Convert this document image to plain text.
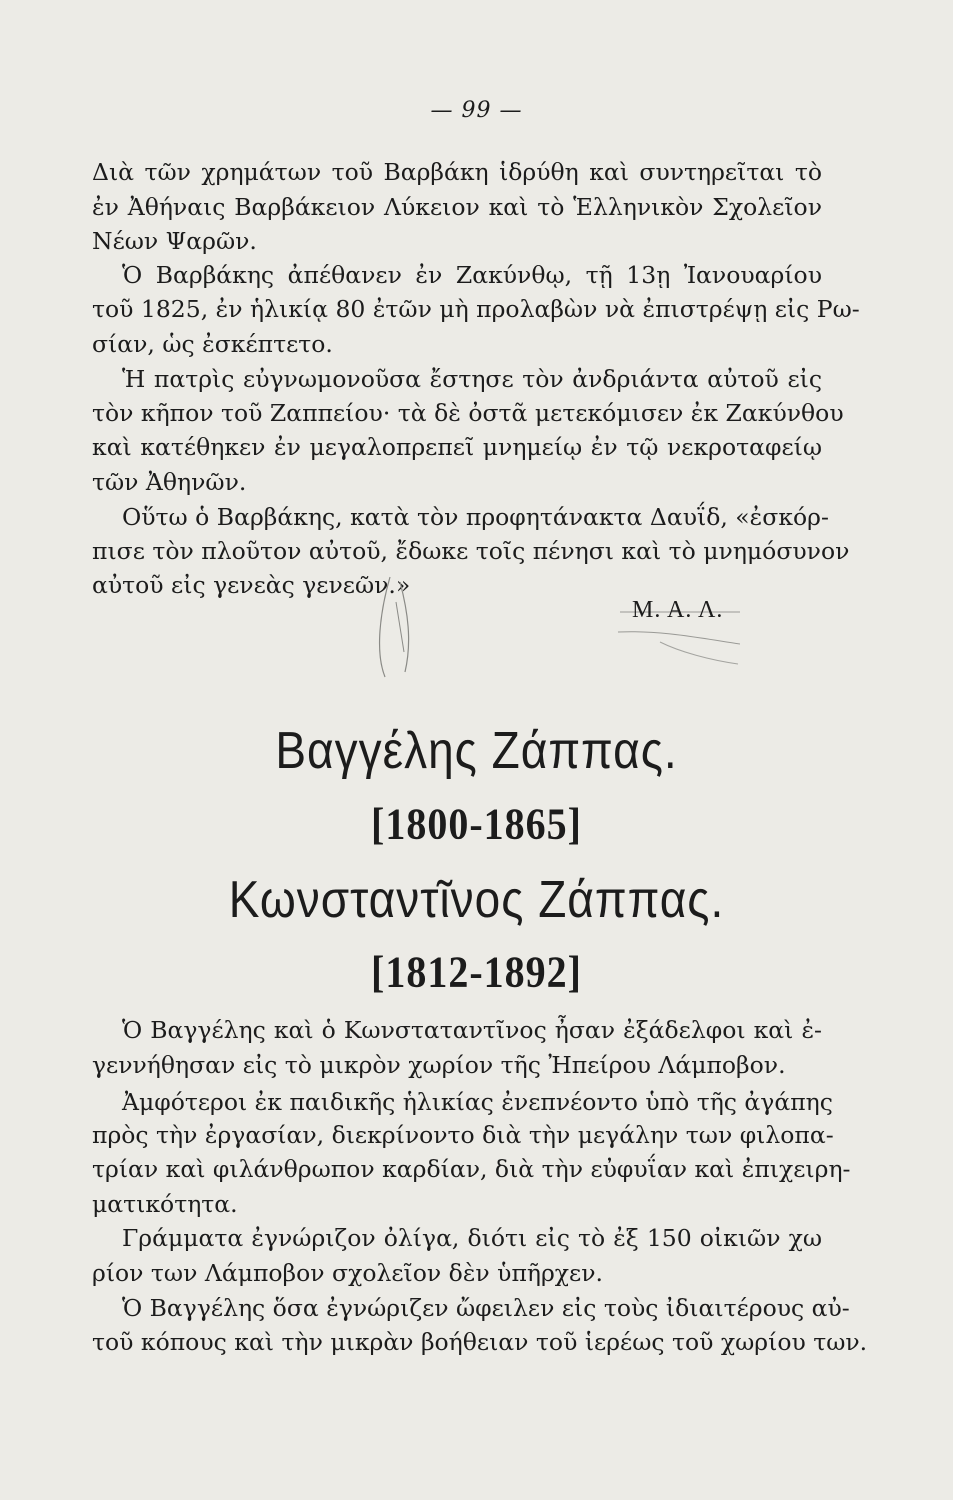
— 99 —
Διὰ τῶν χρημάτων τοῦ Βαρβάκη ἱδρύθη καὶ συντηρεῖται τὸ
ἐν Ἀθήναις Βαρβάκειον Λύκειον καὶ τὸ Ἑλληνικὸν Σχολεῖον
Νέων Ψαρῶν.
Ὁ Βαρβάκης ἀπέθανεν ἐν Ζακύνθῳ, τῇ 13ῃ Ἰανουαρίου
τοῦ 1825, ἐν ἡλικίᾳ 80 ἐτῶν μὴ προλαβὼν νὰ ἐπιστρέψῃ εἰς Ρω-
σίαν, ὡς ἐσκέπτετο.
Ἡ πατρὶς εὐγνωμονοῦσα ἔστησε τὸν ἀνδριάντα αὐτοῦ εἰς
τὸν κῆπον τοῦ Ζαππείου· τὰ δὲ ὀστᾶ μετεκόμισεν ἐκ Ζακύνθου
καὶ κατέθηκεν ἐν μεγαλοπρεπεῖ μνημείῳ ἐν τῷ νεκροταφείῳ
τῶν Ἀθηνῶν.
Οὕτω ὁ Βαρβάκης, κατὰ τὸν προφητάνακτα Δαυΐδ, «ἐσκόρ-
πισε τὸν πλοῦτον αὐτοῦ, ἔδωκε τοῖς πένησι καὶ τὸ μνημόσυνον
αὐτοῦ εἰς γενεὰς γενεῶν.»
Μ. Α. Λ.
Βαγγέλης Ζάππας.
[1800-1865]
Κωνσταντῖνος Ζάππας.
[1812-1892]
Ὁ Βαγγέλης καὶ ὁ Κωνσταταντῖνος ἦσαν ἐξάδελφοι καὶ ἐ-
γεννήθησαν εἰς τὸ μικρὸν χωρίον τῆς Ἠπείρου Λάμποβον.
Ἀμφότεροι ἐκ παιδικῆς ἡλικίας ἐνεπνέοντο ὑπὸ τῆς ἀγάπης
πρὸς τὴν ἐργασίαν, διεκρίνοντο διὰ τὴν μεγάλην των φιλοπα-
τρίαν καὶ φιλάνθρωπον καρδίαν, διὰ τὴν εὐφυΐαν καὶ ἐπιχειρη-
ματικότητα.
Γράμματα ἐγνώριζον ὀλίγα, διότι εἰς τὸ ἐξ 150 οἰκιῶν χω
ρίον των Λάμποβον σχολεῖον δὲν ὑπῆρχεν.
Ὁ Βαγγέλης ὅσα ἐγνώριζεν ὤφειλεν εἰς τοὺς ἰδιαιτέρους αὐ-
τοῦ κόπους καὶ τὴν μικρὰν βοήθειαν τοῦ ἱερέως τοῦ χωρίου των.
